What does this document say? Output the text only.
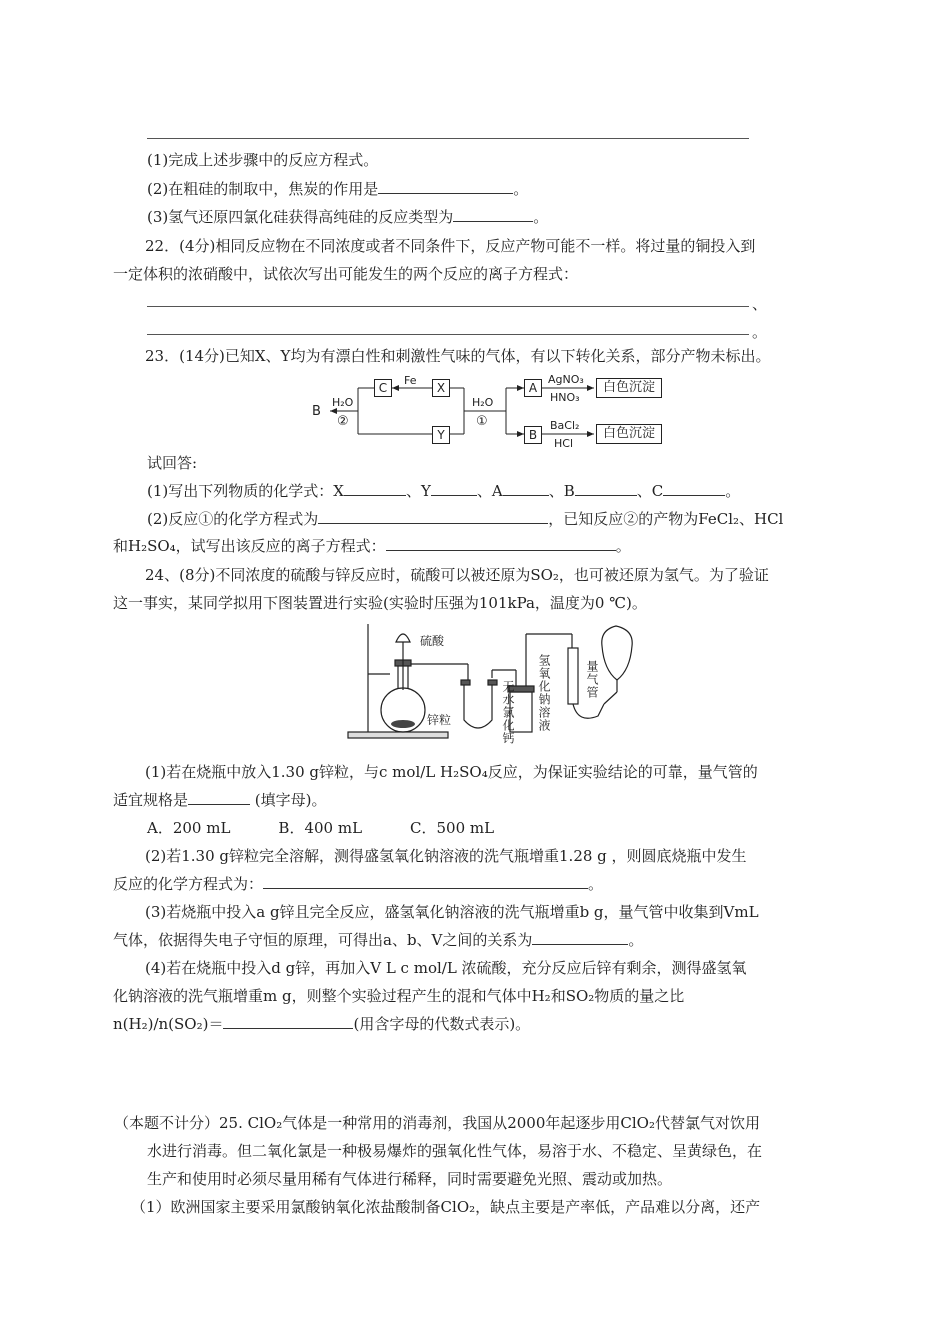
(1)完成上述步骤中的反应方程式。
(2)在粗硅的制取中，焦炭的作用是	。
(3)氢气还原四氯化硅获得高纯硅的反应类型为	。
22．(4分)相同反应物在不同浓度或者不同条件下，反应产物可能不一样。将过量的铜投入到
一定体积的浓硝酸中，试依次写出可能发生的两个反应的离子方程式：
、
。
23．(14分)已知X、Y均为有漂白性和刺激性气味的气体，有以下转化关系，部分产物未标出。
B
C	X
Y
A
B
Fe
H₂O
②
H₂O
①
AgNO₃
HNO₃
BaCl₂
HCl
白色沉淀
白色沉淀
试回答:
(1)写出下列物质的化学式：X	、Y	、A	、B	、C	。
(2)反应①的化学方程式为	，已知反应②的产物为FeCl₂、HCl
和H₂SO₄，试写出该反应的离子方程式：	。
24、(8分)不同浓度的硫酸与锌反应时，硫酸可以被还原为SO₂，也可被还原为氢气。为了验证
这一事实，某同学拟用下图装置进行实验(实验时压强为101kPa，温度为0 ℃)。
硫酸
锌粒	无水氯化钙 氢氧化钠溶液	量气管
(1)若在烧瓶中放入1.30 g锌粒，与c mol/L H₂SO₄反应，为保证实验结论的可靠，量气管的
适宜规格是	(填字母)。
A．200 mL	B．400 mL	C．500 mL
(2)若1.30 g锌粒完全溶解，测得盛氢氧化钠溶液的洗气瓶增重1.28 g ，则圆底烧瓶中发生
反应的化学方程式为：	。
(3)若烧瓶中投入a g锌且完全反应，盛氢氧化钠溶液的洗气瓶增重b g，量气管中收集到VmL
气体，依据得失电子守恒的原理，可得出a、b、V之间的关系为	。
(4)若在烧瓶中投入d g锌，再加入V L c mol/L 浓硫酸，充分反应后锌有剩余，测得盛氢氧
化钠溶液的洗气瓶增重m g，则整个实验过程产生的混和气体中H₂和SO₂物质的量之比
n(H₂)/n(SO₂)＝	(用含字母的代数式表示)。
（本题不计分）25. ClO₂气体是一种常用的消毒剂，我国从2000年起逐步用ClO₂代替氯气对饮用
水进行消毒。但二氧化氯是一种极易爆炸的强氧化性气体，易溶于水、不稳定、呈黄绿色，在
生产和使用时必须尽量用稀有气体进行稀释，同时需要避免光照、震动或加热。
（1）欧洲国家主要采用氯酸钠氧化浓盐酸制备ClO₂，缺点主要是产率低，产品难以分离，还产
